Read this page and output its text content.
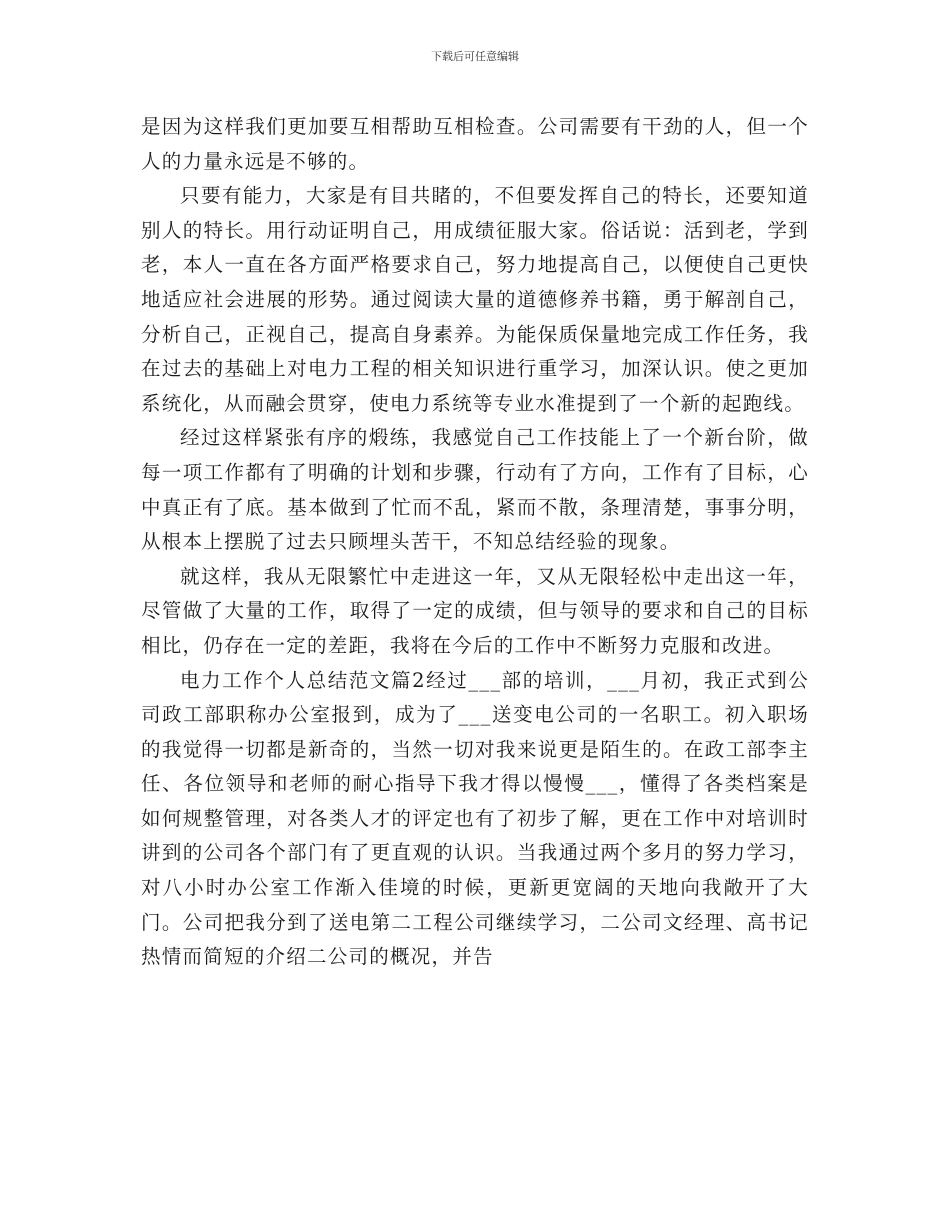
下载后可任意编辑

是因为这样我们更加要互相帮助互相检查。公司需要有干劲的人，但一个人的力量永远是不够的。

只要有能力，大家是有目共睹的，不但要发挥自己的特长，还要知道别人的特长。用行动证明自己，用成绩征服大家。俗话说：活到老，学到老，本人一直在各方面严格要求自己，努力地提高自己，以便使自己更快地适应社会进展的形势。通过阅读大量的道德修养书籍，勇于解剖自己，分析自己，正视自己，提高自身素养。为能保质保量地完成工作任务，我在过去的基础上对电力工程的相关知识进行重学习，加深认识。使之更加系统化，从而融会贯穿，使电力系统等专业水准提到了一个新的起跑线。

经过这样紧张有序的煅练，我感觉自己工作技能上了一个新台阶，做每一项工作都有了明确的计划和步骤，行动有了方向，工作有了目标，心中真正有了底。基本做到了忙而不乱，紧而不散，条理清楚，事事分明，从根本上摆脱了过去只顾埋头苦干，不知总结经验的现象。

就这样，我从无限繁忙中走进这一年，又从无限轻松中走出这一年，尽管做了大量的工作，取得了一定的成绩，但与领导的要求和自己的目标相比，仍存在一定的差距，我将在今后的工作中不断努力克服和改进。

电力工作个人总结范文篇2经过___部的培训，___月初，我正式到公司政工部职称办公室报到，成为了___送变电公司的一名职工。初入职场的我觉得一切都是新奇的，当然一切对我来说更是陌生的。在政工部李主任、各位领导和老师的耐心指导下我才得以慢慢___，懂得了各类档案是如何规整管理，对各类人才的评定也有了初步了解，更在工作中对培训时讲到的公司各个部门有了更直观的认识。当我通过两个多月的努力学习，对八小时办公室工作渐入佳境的时候，更新更宽阔的天地向我敞开了大门。公司把我分到了送电第二工程公司继续学习，二公司文经理、高书记热情而简短的介绍二公司的概况，并告
